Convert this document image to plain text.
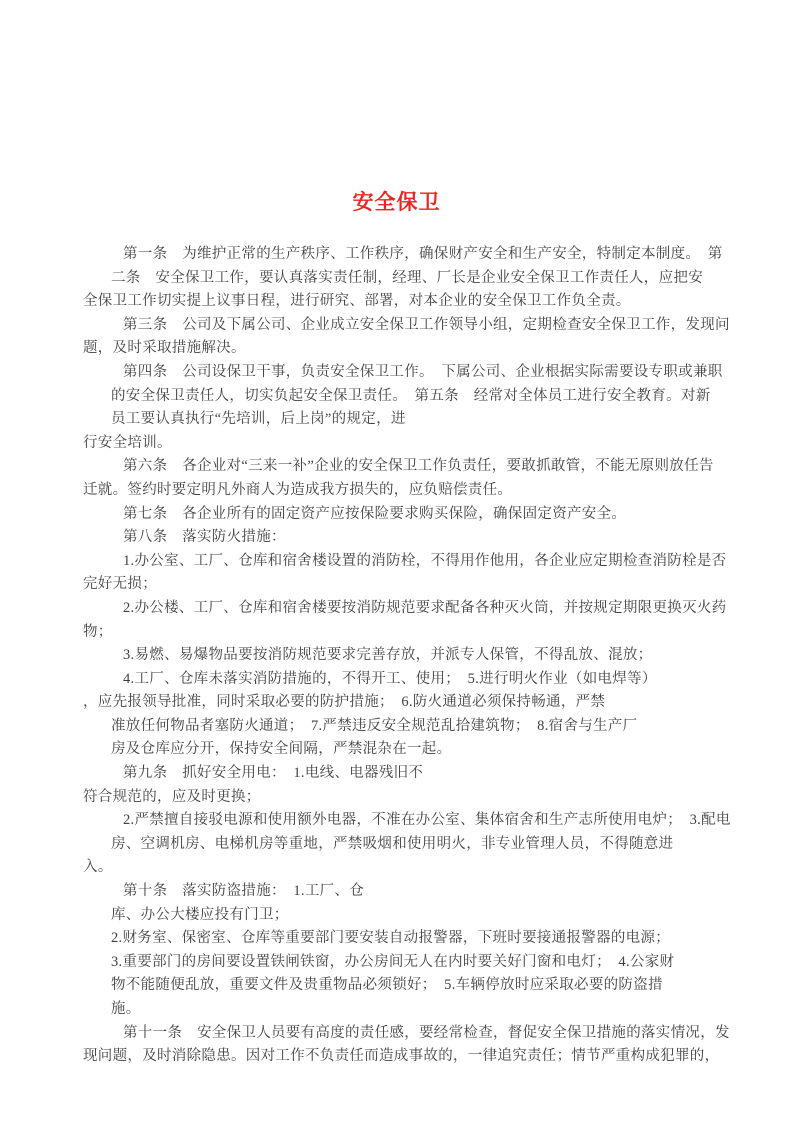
安全保卫
第一条　为维护正常的生产秩序、工作秩序，确保财产安全和生产安全，特制定本制度。　第
二条　安全保卫工作，要认真落实责任制，经理、厂长是企业安全保卫工作责任人，应把安
全保卫工作切实提上议事日程，进行研究、部署，对本企业的安全保卫工作负全责。
第三条　公司及下属公司、企业成立安全保卫工作领导小组，定期检查安全保卫工作，发现问
题，及时采取措施解决。
第四条　公司设保卫干事，负责安全保卫工作。　下属公司、企业根据实际需要设专职或兼职
的安全保卫责任人，切实负起安全保卫责任。　第五条　经常对全体员工进行安全教育。对新
员工要认真执行“先培训，后上岗”的规定，进
行安全培训。
第六条　各企业对“三来一补”企业的安全保卫工作负责任，要敢抓敢管，不能无原则放任告
迁就。签约时要定明凡外商人为造成我方损失的，应负赔偿责任。
第七条　各企业所有的固定资产应按保险要求购买保险，确保固定资产安全。
第八条　落实防火措施：
1.办公室、工厂、仓库和宿舍楼设置的消防栓，不得用作他用，各企业应定期检查消防栓是否
完好无损；
2.办公楼、工厂、仓库和宿舍楼要按消防规范要求配备各种灭火筒，并按规定期限更换灭火药
物；
3.易燃、易爆物品要按消防规范要求完善存放，并派专人保管，不得乱放、混放；
4.工厂、仓库未落实消防措施的，不得开工、使用；　5.进行明火作业（如电焊等）
，应先报领导批准，同时采取必要的防护措施；　6.防火通道必须保持畅通，严禁
准放任何物品者塞防火通道；　7.严禁违反安全规范乱拾建筑物；　8.宿舍与生产厂
房及仓库应分开，保持安全间隔，严禁混杂在一起。
第九条　抓好安全用电：　1.电线、电器残旧不
符合规范的，应及时更换；
2.严禁擅自接驳电源和使用额外电器，不准在办公室、集体宿舍和生产志所使用电炉；　3.配电
房、空调机房、电梯机房等重地，严禁吸烟和使用明火，非专业管理人员，不得随意进
入。
第十条　落实防盗措施：　1.工厂、仓
库、办公大楼应投有门卫；
2.财务室、保密室、仓库等重要部门要安装自动报警器，下班时要接通报警器的电源；
3.重要部门的房间要设置铁闸铁窗，办公房间无人在内时要关好门窗和电灯；　4.公家财
物不能随便乱放，重要文件及贵重物品必须锁好；　5.车辆停放时应采取必要的防盗措
施。
第十一条　安全保卫人员要有高度的责任感，要经常检查，督促安全保卫措施的落实情况，发
现问题，及时消除隐患。因对工作不负责任而造成事故的，一律追究责任；情节严重构成犯罪的，
